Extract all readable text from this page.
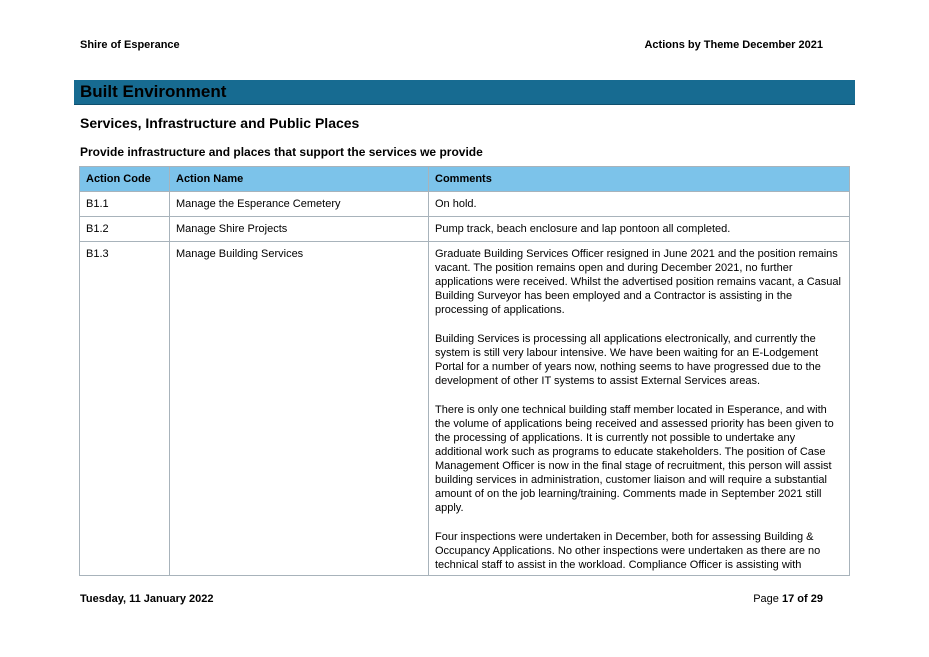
Shire of Esperance	Actions by Theme December 2021
Built Environment
Services, Infrastructure and Public Places
Provide infrastructure and places that support the services we provide
Action Code	Action Name	Comments
B1.1	Manage the Esperance Cemetery	On hold.

B1.2	Manage Shire Projects	Pump track, beach enclosure and lap pontoon all completed.

B1.3	Manage Building Services	Graduate Building Services Officer resigned in June 2021 and the position remains vacant. The position remains open and during December 2021, no further applications were received. Whilst the advertised position remains vacant, a Casual Building Surveyor has been employed and a Contractor is assisting in the processing of applications.

Building Services is processing all applications electronically, and currently the system is still very labour intensive. We have been waiting for an E-Lodgement Portal for a number of years now, nothing seems to have progressed due to the development of other IT systems to assist External Services areas.

There is only one technical building staff member located in Esperance, and with the volume of applications being received and assessed priority has been given to the processing of applications. It is currently not possible to undertake any additional work such as programs to educate stakeholders. The position of Case Management Officer is now in the final stage of recruitment, this person will assist building services in administration, customer liaison and will require a substantial amount of on the job learning/training. Comments made in September 2021 still apply.

Four inspections were undertaken in December, both for assessing Building & Occupancy Applications. No other inspections were undertaken as there are no technical staff to assist in the workload. Compliance Officer is assisting with

Tuesday, 11 January 2022	Page 17 of 29
